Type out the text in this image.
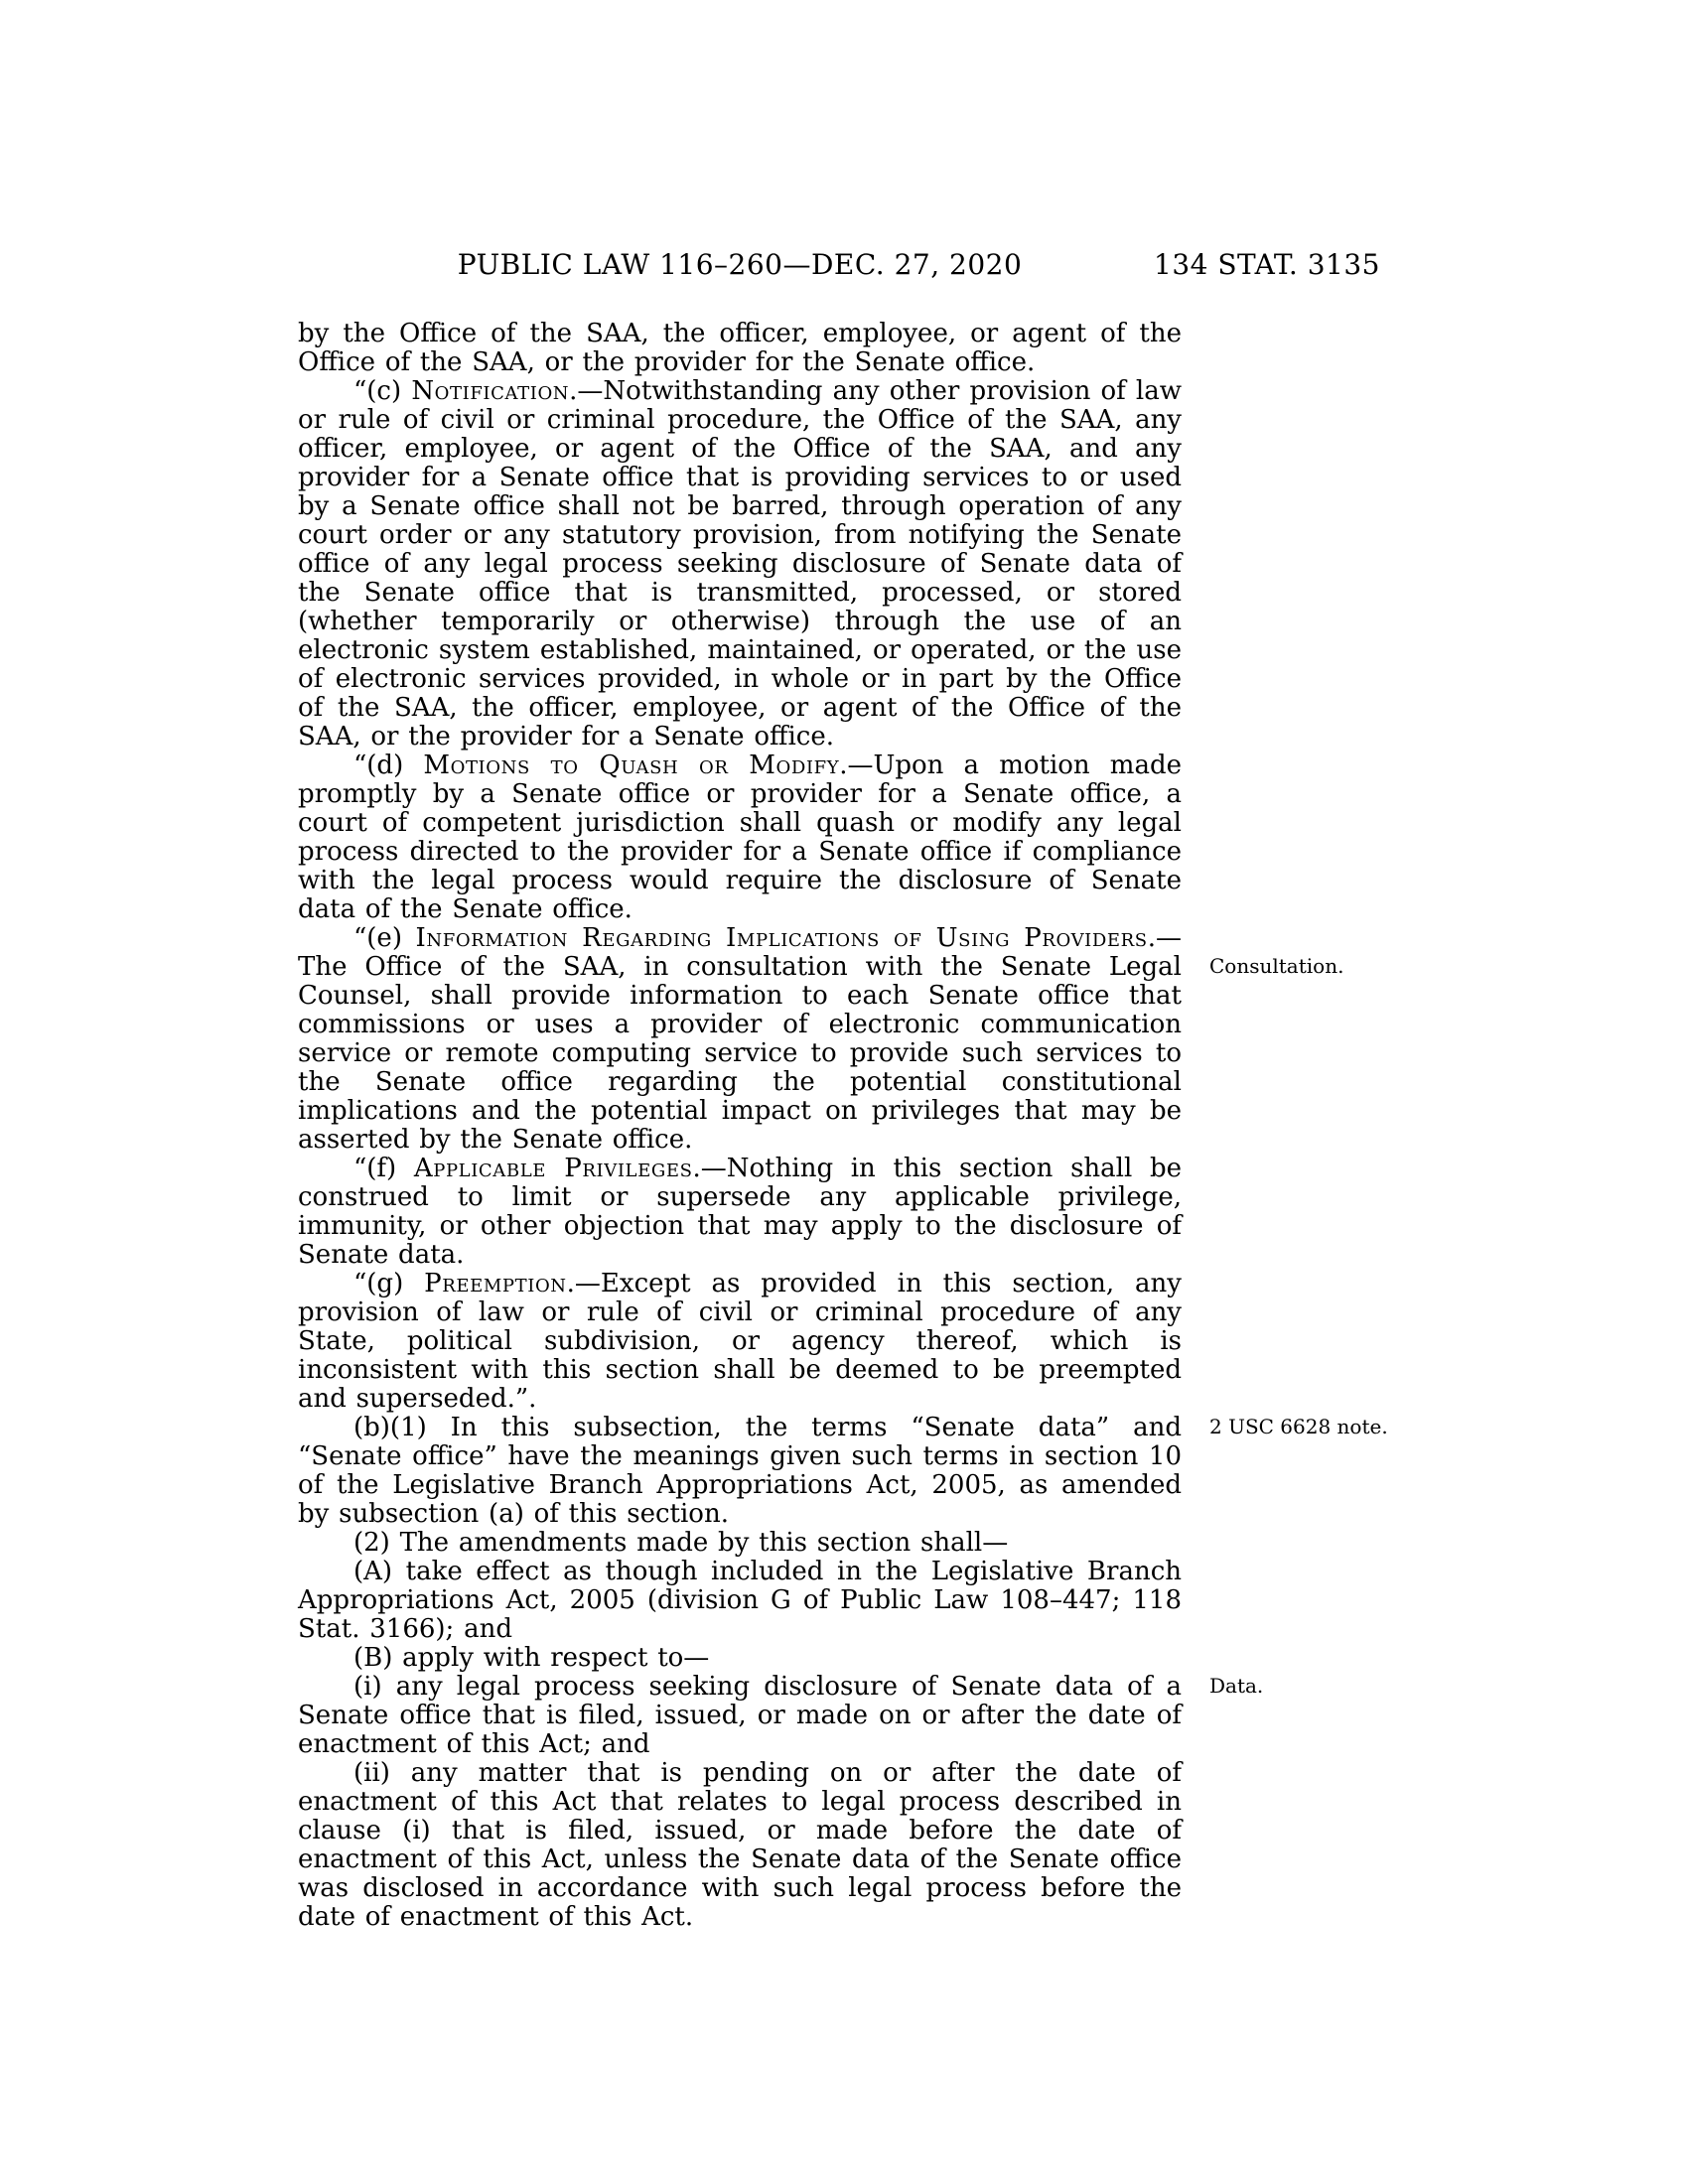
PUBLIC LAW 116–260—DEC. 27, 2020	134 STAT. 3135

by the Office of the SAA, the officer, employee, or agent of the Office of the SAA, or the provider for the Senate office.

“(c) Notification.—Notwithstanding any other provision of law or rule of civil or criminal procedure, the Office of the SAA, any officer, employee, or agent of the Office of the SAA, and any provider for a Senate office that is providing services to or used by a Senate office shall not be barred, through operation of any court order or any statutory provision, from notifying the Senate office of any legal process seeking disclosure of Senate data of the Senate office that is transmitted, processed, or stored (whether temporarily or otherwise) through the use of an electronic system established, maintained, or operated, or the use of electronic services provided, in whole or in part by the Office of the SAA, the officer, employee, or agent of the Office of the SAA, or the provider for a Senate office.

“(d) Motions to Quash or Modify.—Upon a motion made promptly by a Senate office or provider for a Senate office, a court of competent jurisdiction shall quash or modify any legal process directed to the provider for a Senate office if compliance with the legal process would require the disclosure of Senate data of the Senate office.

“(e) Information Regarding Implications of Using Providers.—The Office of the SAA, in consultation with the Senate Legal Counsel, shall provide information to each Senate office that commissions or uses a provider of electronic communication service or remote computing service to provide such services to the Senate office regarding the potential constitutional implications and the potential impact on privileges that may be asserted by the Senate office.

“(f) Applicable Privileges.—Nothing in this section shall be construed to limit or supersede any applicable privilege, immunity, or other objection that may apply to the disclosure of Senate data.

“(g) Preemption.—Except as provided in this section, any provision of law or rule of civil or criminal procedure of any State, political subdivision, or agency thereof, which is inconsistent with this section shall be deemed to be preempted and superseded.”.

(b)(1) In this subsection, the terms “Senate data” and “Senate office” have the meanings given such terms in section 10 of the Legislative Branch Appropriations Act, 2005, as amended by subsection (a) of this section.

(2) The amendments made by this section shall—

(A) take effect as though included in the Legislative Branch Appropriations Act, 2005 (division G of Public Law 108–447; 118 Stat. 3166); and

(B) apply with respect to—

(i) any legal process seeking disclosure of Senate data of a Senate office that is filed, issued, or made on or after the date of enactment of this Act; and

(ii) any matter that is pending on or after the date of enactment of this Act that relates to legal process described in clause (i) that is filed, issued, or made before the date of enactment of this Act, unless the Senate data of the Senate office was disclosed in accordance with such legal process before the date of enactment of this Act.

Consultation.
2 USC 6628 note.
Data.
